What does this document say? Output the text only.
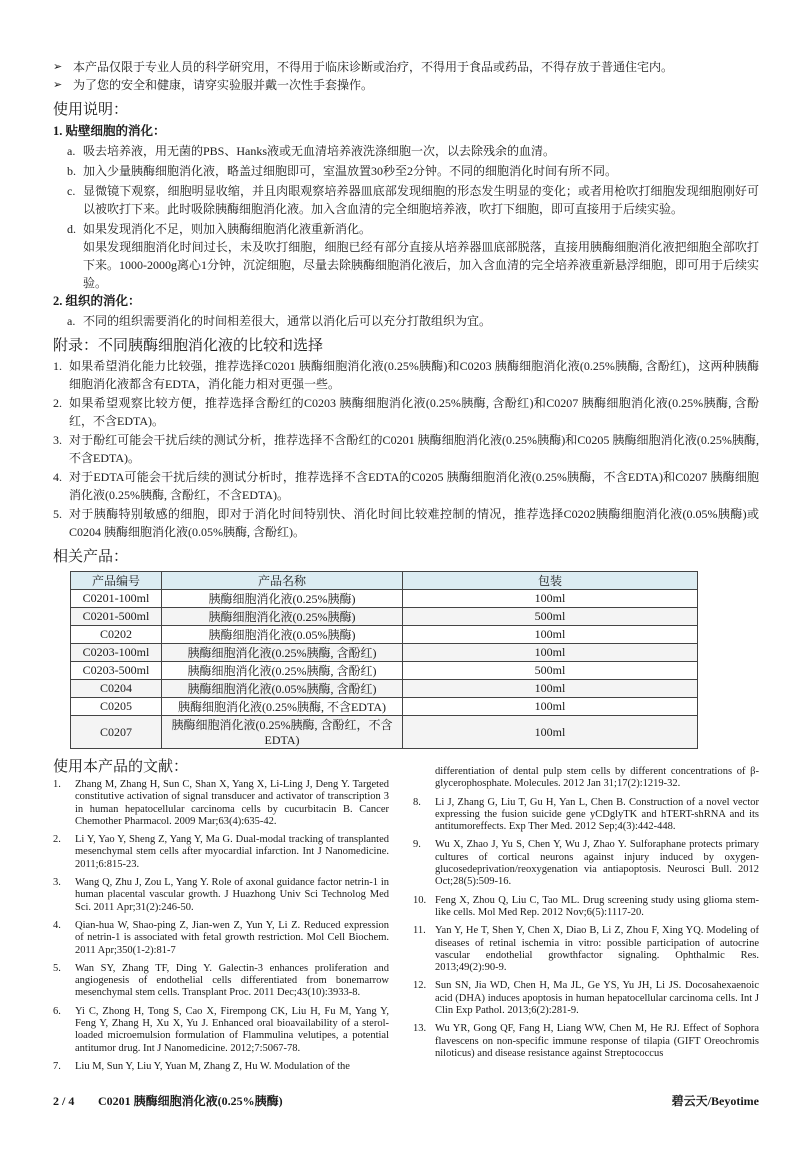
➢ 本产品仅限于专业人员的科学研究用，不得用于临床诊断或治疗，不得用于食品或药品，不得存放于普通住宅内。
➢ 为了您的安全和健康，请穿实验服并戴一次性手套操作。
使用说明：
1. 贴壁细胞的消化：
a. 吸去培养液，用无菌的PBS、Hanks液或无血清培养液洗涤细胞一次，以去除残余的血清。
b. 加入少量胰酶细胞消化液，略盖过细胞即可，室温放置30秒至2分钟。不同的细胞消化时间有所不同。
c. 显微镜下观察，细胞明显收缩，并且肉眼观察培养器皿底部发现细胞的形态发生明显的变化；或者用枪吹打细胞发现细胞刚好可以被吹打下来。此时吸除胰酶细胞消化液。加入含血清的完全细胞培养液，吹打下细胞，即可直接用于后续实验。
d. 如果发现消化不足，则加入胰酶细胞消化液重新消化。
如果发现细胞消化时间过长，未及吹打细胞，细胞已经有部分直接从培养器皿底部脱落，直接用胰酶细胞消化液把细胞全部吹打下来。1000-2000g离心1分钟，沉淀细胞，尽量去除胰酶细胞消化液后，加入含血清的完全培养液重新悬浮细胞，即可用于后续实验。
2. 组织的消化：
a. 不同的组织需要消化的时间相差很大，通常以消化后可以充分打散组织为宜。
附录：不同胰酶细胞消化液的比较和选择
1. 如果希望消化能力比较强，推荐选择C0201 胰酶细胞消化液(0.25%胰酶)和C0203 胰酶细胞消化液(0.25%胰酶, 含酚红)，这两种胰酶细胞消化液都含有EDTA，消化能力相对更强一些。
2. 如果希望观察比较方便，推荐选择含酚红的C0203 胰酶细胞消化液(0.25%胰酶, 含酚红)和C0207 胰酶细胞消化液(0.25%胰酶, 含酚红，不含EDTA)。
3. 对于酚红可能会干扰后续的测试分析，推荐选择不含酚红的C0201 胰酶细胞消化液(0.25%胰酶)和C0205 胰酶细胞消化液(0.25%胰酶, 不含EDTA)。
4. 对于EDTA可能会干扰后续的测试分析时，推荐选择不含EDTA的C0205 胰酶细胞消化液(0.25%胰酶，不含EDTA)和C0207 胰酶细胞消化液(0.25%胰酶, 含酚红，不含EDTA)。
5. 对于胰酶特别敏感的细胞，即对于消化时间特别快、消化时间比较难控制的情况，推荐选择C0202胰酶细胞消化液(0.05%胰酶)或C0204 胰酶细胞消化液(0.05%胰酶, 含酚红)。
相关产品：
产品编号	产品名称	包装
C0201-100ml	胰酶细胞消化液(0.25%胰酶)	100ml
C0201-500ml	胰酶细胞消化液(0.25%胰酶)	500ml
C0202	胰酶细胞消化液(0.05%胰酶)	100ml
C0203-100ml	胰酶细胞消化液(0.25%胰酶, 含酚红)	100ml
C0203-500ml	胰酶细胞消化液(0.25%胰酶, 含酚红)	500ml
C0204	胰酶细胞消化液(0.05%胰酶, 含酚红)	100ml
C0205	胰酶细胞消化液(0.25%胰酶, 不含EDTA)	100ml
C0207	胰酶细胞消化液(0.25%胰酶, 含酚红，不含EDTA)	100ml
使用本产品的文献：
1. Zhang M, Zhang H, Sun C, Shan X, Yang X, Li-Ling J, Deng Y. Targeted constitutive activation of signal transducer and activator of transcription 3 in human hepatocellular carcinoma cells by cucurbitacin B. Cancer Chemother Pharmacol. 2009 Mar;63(4):635-42.
2. Li Y, Yao Y, Sheng Z, Yang Y, Ma G. Dual-modal tracking of transplanted mesenchymal stem cells after myocardial infarction. Int J Nanomedicine. 2011;6:815-23.
3. Wang Q, Zhu J, Zou L, Yang Y. Role of axonal guidance factor netrin-1 in human placental vascular growth. J Huazhong Univ Sci Technolog Med Sci. 2011 Apr;31(2):246-50.
4. Qian-hua W, Shao-ping Z, Jian-wen Z, Yun Y, Li Z. Reduced expression of netrin-1 is associated with fetal growth restriction. Mol Cell Biochem. 2011 Apr;350(1-2):81-7
5. Wan SY, Zhang TF, Ding Y. Galectin-3 enhances proliferation and angiogenesis of endothelial cells differentiated from bonemarrow mesenchymal stem cells. Transplant Proc. 2011 Dec;43(10):3933-8.
6. Yi C, Zhong H, Tong S, Cao X, Firempong CK, Liu H, Fu M, Yang Y, Feng Y, Zhang H, Xu X, Yu J. Enhanced oral bioavailability of a sterol-loaded microemulsion formulation of Flammulina velutipes, a potential antitumor drug. Int J Nanomedicine. 2012;7:5067-78.
7. Liu M, Sun Y, Liu Y, Yuan M, Zhang Z, Hu W. Modulation of the
differentiation of dental pulp stem cells by different concentrations of β-glycerophosphate. Molecules. 2012 Jan 31;17(2):1219-32.
8. Li J, Zhang G, Liu T, Gu H, Yan L, Chen B. Construction of a novel vector expressing the fusion suicide gene yCDglyTK and hTERT-shRNA and its antitumoreffects. Exp Ther Med. 2012 Sep;4(3):442-448.
9. Wu X, Zhao J, Yu S, Chen Y, Wu J, Zhao Y. Sulforaphane protects primary cultures of cortical neurons against injury induced by oxygen-glucosedeprivation/reoxygenation via antiapoptosis. Neurosci Bull. 2012 Oct;28(5):509-16.
10. Feng X, Zhou Q, Liu C, Tao ML. Drug screening study using glioma stem-like cells. Mol Med Rep. 2012 Nov;6(5):1117-20.
11. Yan Y, He T, Shen Y, Chen X, Diao B, Li Z, Zhou F, Xing YQ. Modeling of diseases of retinal ischemia in vitro: possible participation of autocrine vascular endothelial growthfactor signaling. Ophthalmic Res. 2013;49(2):90-9.
12. Sun SN, Jia WD, Chen H, Ma JL, Ge YS, Yu JH, Li JS. Docosahexaenoic acid (DHA) induces apoptosis in human hepatocellular carcinoma cells. Int J Clin Exp Pathol. 2013;6(2):281-9.
13. Wu YR, Gong QF, Fang H, Liang WW, Chen M, He RJ. Effect of Sophora flavescens on non-specific immune response of tilapia (GIFT Oreochromis niloticus) and disease resistance against Streptococcus
2 / 4	C0201 胰酶细胞消化液(0.25%胰酶)	碧云天/Beyotime
